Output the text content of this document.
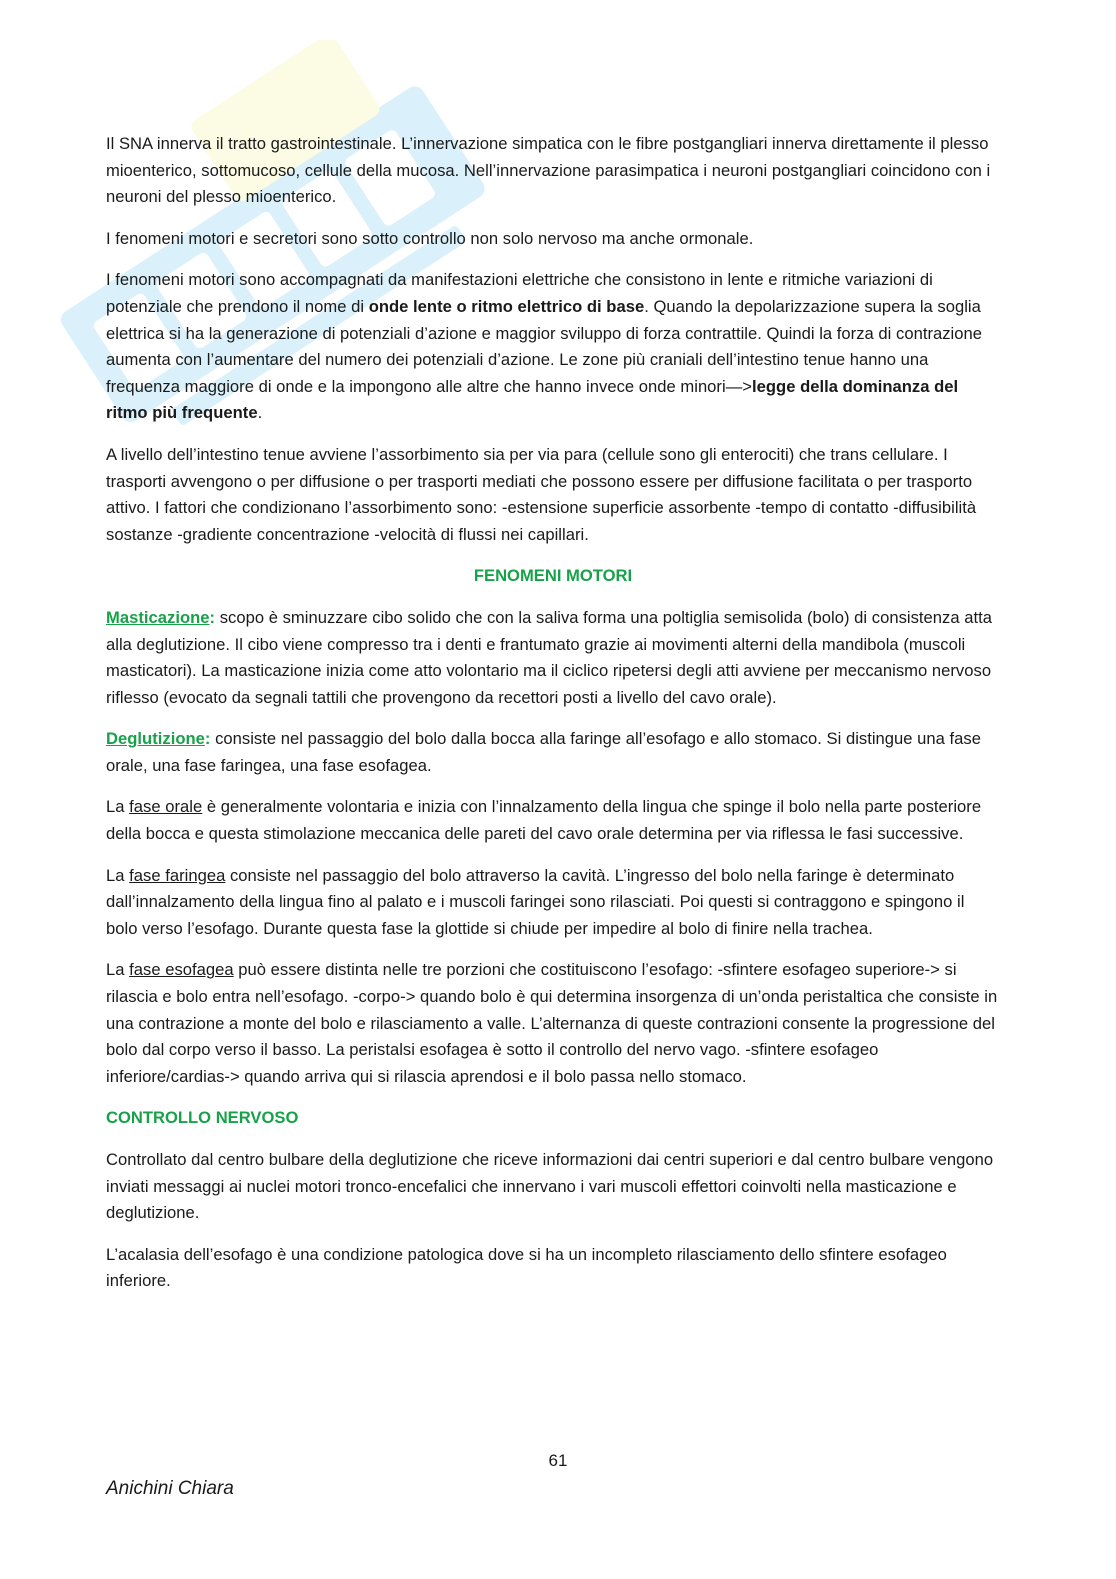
Il SNA innerva il tratto gastrointestinale. L’innervazione simpatica con le fibre postgangliari innerva direttamente il plesso mioenterico, sottomucoso, cellule della mucosa. Nell’innervazione parasimpatica i neuroni postgangliari coincidono con i neuroni del plesso mioenterico.

I fenomeni motori e secretori sono sotto controllo non solo nervoso ma anche ormonale.

I fenomeni motori sono accompagnati da manifestazioni elettriche che consistono in lente e ritmiche variazioni di potenziale che prendono il nome di onde lente o ritmo elettrico di base. Quando la depolarizzazione supera la soglia elettrica si ha la generazione di potenziali d’azione e maggior sviluppo di forza contrattile. Quindi la forza di contrazione aumenta con l’aumentare del numero dei potenziali d’azione. Le zone più craniali dell’intestino tenue hanno una frequenza maggiore di onde e la impongono alle altre che hanno invece onde minori—>legge della dominanza del ritmo più frequente.

A livello dell’intestino tenue avviene l’assorbimento sia per via para (cellule sono gli enterociti) che trans cellulare. I trasporti avvengono o per diffusione o per trasporti mediati che possono essere per diffusione facilitata o per trasporto attivo. I fattori che condizionano l’assorbimento sono: -estensione superficie assorbente -tempo di contatto -diffusibilità sostanze -gradiente concentrazione -velocità di flussi nei capillari.

FENOMENI MOTORI

Masticazione: scopo è sminuzzare cibo solido che con la saliva forma una poltiglia semisolida (bolo) di consistenza atta alla deglutizione. Il cibo viene compresso tra i denti e frantumato grazie ai movimenti alterni della mandibola (muscoli masticatori). La masticazione inizia come atto volontario ma il ciclico ripetersi degli atti avviene per meccanismo nervoso riflesso (evocato da segnali tattili che provengono da recettori posti a livello del cavo orale).

Deglutizione: consiste nel passaggio del bolo dalla bocca alla faringe all’esofago e allo stomaco. Si distingue una fase orale, una fase faringea, una fase esofagea.

La fase orale è generalmente volontaria e inizia con l’innalzamento della lingua che spinge il bolo nella parte posteriore della bocca e questa stimolazione meccanica delle pareti del cavo orale determina per via riflessa le fasi successive.

La fase faringea consiste nel passaggio del bolo attraverso la cavità. L’ingresso del bolo nella faringe è determinato dall’innalzamento della lingua fino al palato e i muscoli faringei sono rilasciati. Poi questi si contraggono e spingono il bolo verso l’esofago. Durante questa fase la glottide si chiude per impedire al bolo di finire nella trachea.

La fase esofagea può essere distinta nelle tre porzioni che costituiscono l’esofago: -sfintere esofageo superiore-> si rilascia e bolo entra nell’esofago. -corpo-> quando bolo è qui determina insorgenza di un’onda peristaltica che consiste in una contrazione a monte del bolo e rilasciamento a valle. L’alternanza di queste contrazioni consente la progressione del bolo dal corpo verso il basso. La peristalsi esofagea è sotto il controllo del nervo vago. -sfintere esofageo inferiore/cardias-> quando arriva qui si rilascia aprendosi e il bolo passa nello stomaco.

CONTROLLO NERVOSO

Controllato dal centro bulbare della deglutizione che riceve informazioni dai centri superiori e dal centro bulbare vengono inviati messaggi ai nuclei motori tronco-encefalici che innervano i vari muscoli effettori coinvolti nella masticazione e deglutizione.

L’acalasia dell’esofago è una condizione patologica dove si ha un incompleto rilasciamento dello sfintere esofageo inferiore.

61
Anichini Chiara
